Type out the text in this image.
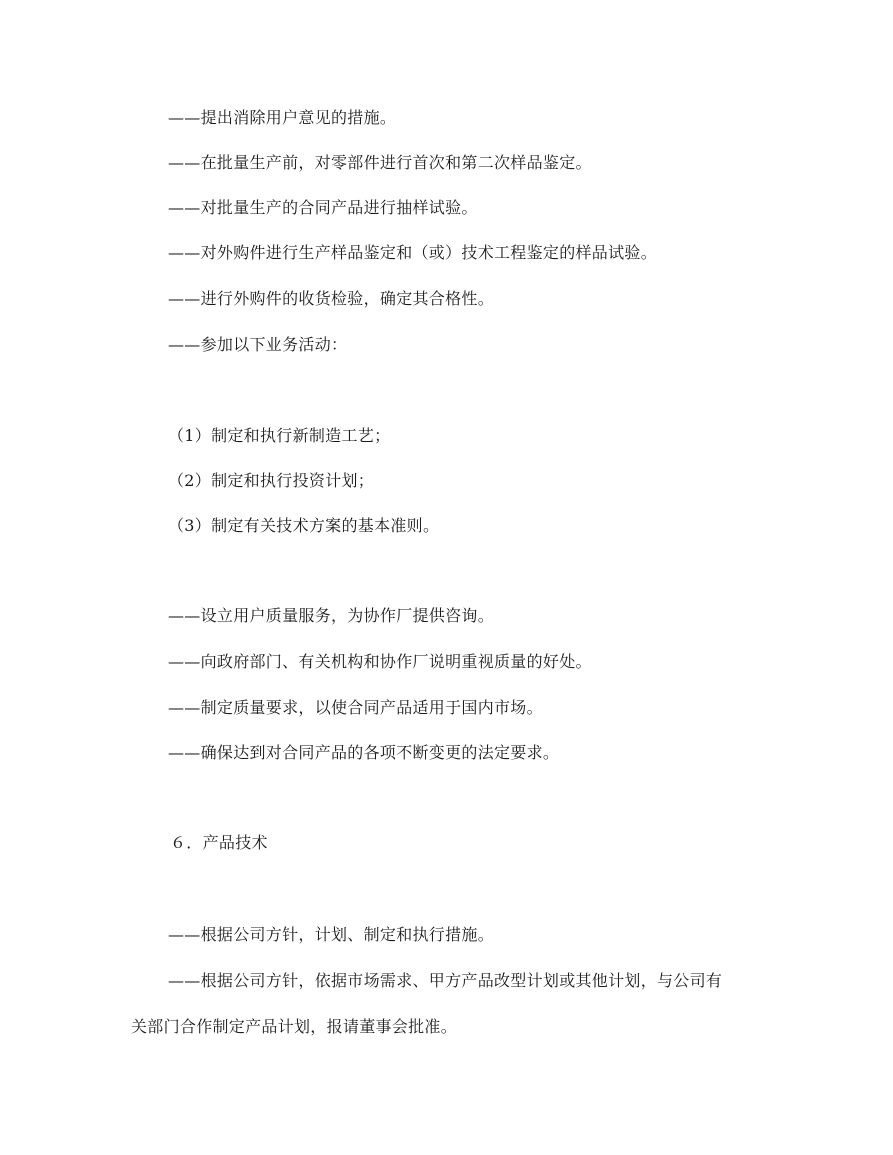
——提出消除用户意见的措施。
——在批量生产前，对零部件进行首次和第二次样品鉴定。
——对批量生产的合同产品进行抽样试验。
——对外购件进行生产样品鉴定和（或）技术工程鉴定的样品试验。
——进行外购件的收货检验，确定其合格性。
——参加以下业务活动：
（1）制定和执行新制造工艺；
（2）制定和执行投资计划；
（3）制定有关技术方案的基本准则。
——设立用户质量服务，为协作厂提供咨询。
——向政府部门、有关机构和协作厂说明重视质量的好处。
——制定质量要求，以使合同产品适用于国内市场。
——确保达到对合同产品的各项不断变更的法定要求。
６．产品技术
——根据公司方针，计划、制定和执行措施。
——根据公司方针，依据市场需求、甲方产品改型计划或其他计划，与公司有
关部门合作制定产品计划，报请董事会批准。
